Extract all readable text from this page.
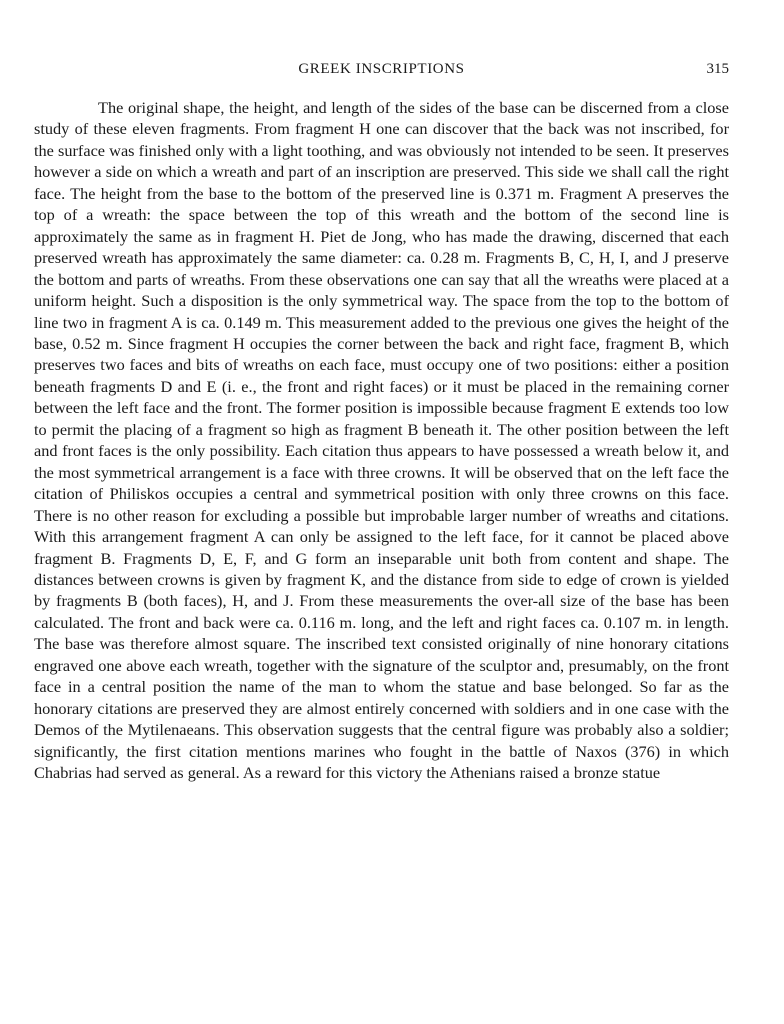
GREEK INSCRIPTIONS	315

The original shape, the height, and length of the sides of the base can be discerned from a close study of these eleven fragments. From fragment H one can discover that the back was not inscribed, for the surface was finished only with a light toothing, and was obviously not intended to be seen. It preserves however a side on which a wreath and part of an inscription are preserved. This side we shall call the right face. The height from the base to the bottom of the preserved line is 0.371 m. Fragment A preserves the top of a wreath: the space between the top of this wreath and the bottom of the second line is approximately the same as in fragment H. Piet de Jong, who has made the drawing, discerned that each preserved wreath has approximately the same diameter: ca. 0.28 m. Fragments B, C, H, I, and J preserve the bottom and parts of wreaths. From these observations one can say that all the wreaths were placed at a uniform height. Such a disposition is the only symmetrical way. The space from the top to the bottom of line two in fragment A is ca. 0.149 m. This measurement added to the previous one gives the height of the base, 0.52 m. Since fragment H occupies the corner between the back and right face, fragment B, which preserves two faces and bits of wreaths on each face, must occupy one of two positions: either a position beneath fragments D and E (i. e., the front and right faces) or it must be placed in the remaining corner between the left face and the front. The former position is impossible because fragment E extends too low to permit the placing of a fragment so high as fragment B beneath it. The other position between the left and front faces is the only possibility. Each citation thus appears to have possessed a wreath below it, and the most symmetrical arrangement is a face with three crowns. It will be observed that on the left face the citation of Philiskos occupies a central and symmetrical position with only three crowns on this face. There is no other reason for excluding a possible but improbable larger number of wreaths and citations. With this arrangement fragment A can only be assigned to the left face, for it cannot be placed above fragment B. Fragments D, E, F, and G form an inseparable unit both from content and shape. The distances between crowns is given by fragment K, and the distance from side to edge of crown is yielded by fragments B (both faces), H, and J. From these measurements the over-all size of the base has been calculated. The front and back were ca. 0.116 m. long, and the left and right faces ca. 0.107 m. in length. The base was therefore almost square. The inscribed text consisted originally of nine honorary citations engraved one above each wreath, together with the signature of the sculptor and, presumably, on the front face in a central position the name of the man to whom the statue and base belonged. So far as the honorary citations are preserved they are almost entirely concerned with soldiers and in one case with the Demos of the Mytilenaeans. This observation suggests that the central figure was probably also a soldier; significantly, the first citation mentions marines who fought in the battle of Naxos (376) in which Chabrias had served as general. As a reward for this victory the Athenians raised a bronze statue
